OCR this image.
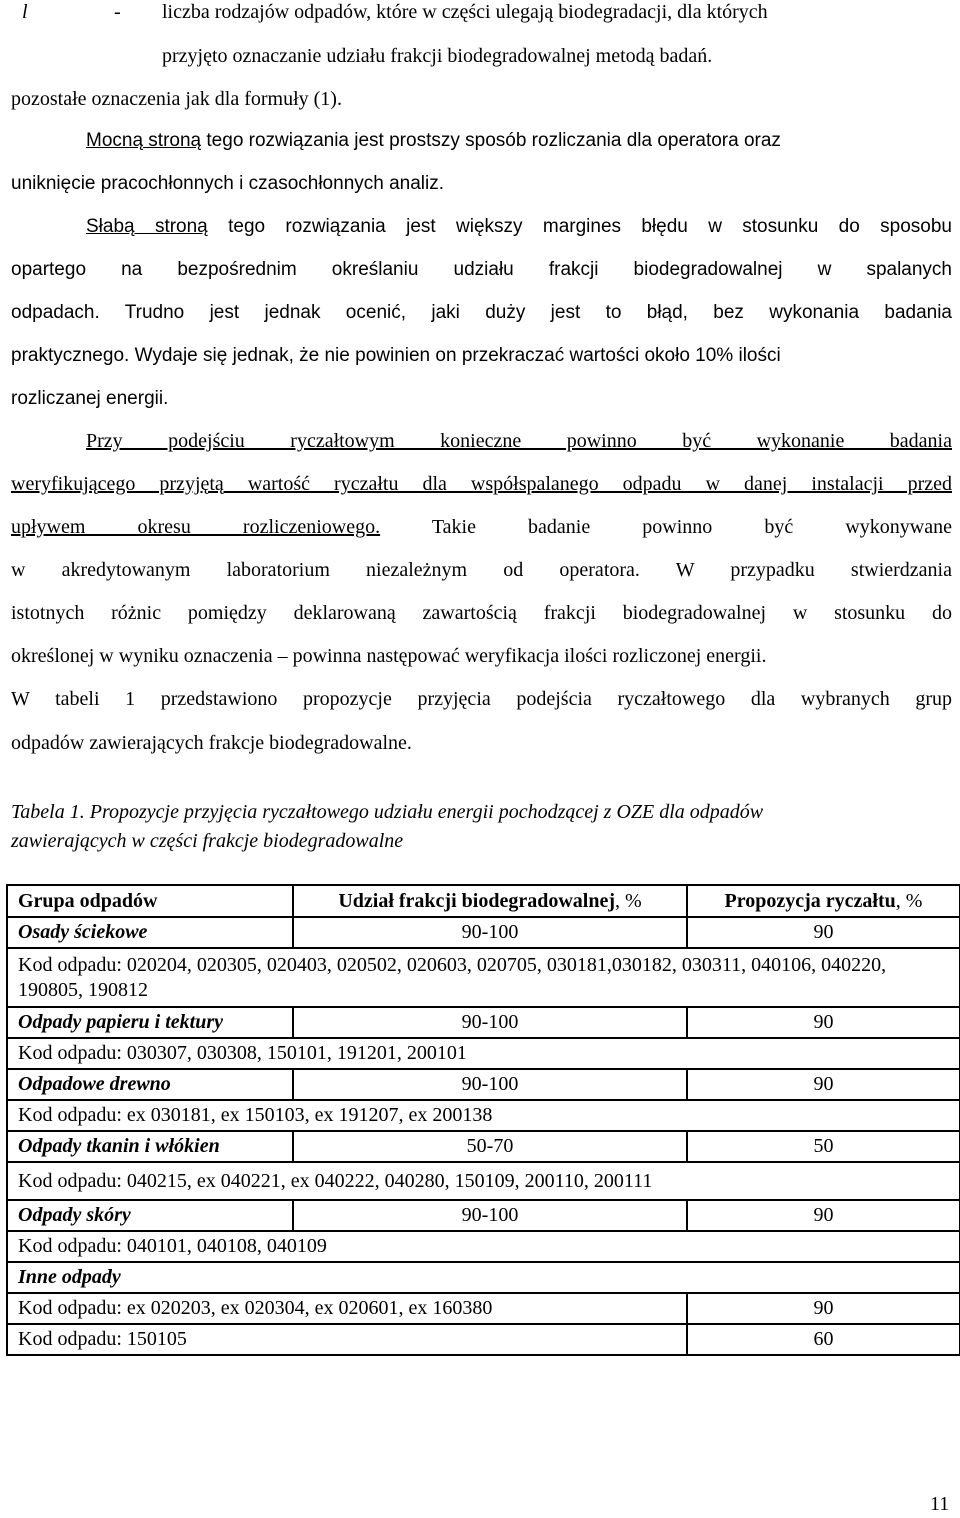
l	- liczba rodzajów odpadów, które w części ulegają biodegradacji, dla których
przyjęto oznaczanie udziału frakcji biodegradowalnej metodą badań.
pozostałe oznaczenia jak dla formuły (1).
Mocną stroną tego rozwiązania jest prostszy sposób rozliczania dla operatora oraz
uniknięcie pracochłonnych i czasochłonnych analiz.
Słabą stroną tego rozwiązania jest większy margines błędu w stosunku do sposobu
opartego na bezpośrednim określaniu udziału frakcji biodegradowalnej w spalanych
odpadach. Trudno jest jednak ocenić, jaki duży jest to błąd, bez wykonania badania
praktycznego. Wydaje się jednak, że nie powinien on przekraczać wartości około 10% ilości
rozliczanej energii.
Przy podejściu ryczałtowym konieczne powinno być wykonanie badania
weryfikującego przyjętą wartość ryczałtu dla współspalanego odpadu w danej instalacji przed
upływem okresu rozliczeniowego. Takie badanie powinno być wykonywane
w akredytowanym laboratorium niezależnym od operatora. W przypadku stwierdzania
istotnych różnic pomiędzy deklarowaną zawartością frakcji biodegradowalnej w stosunku do
określonej w wyniku oznaczenia – powinna następować weryfikacja ilości rozliczonej energii.
W tabeli 1 przedstawiono propozycje przyjęcia podejścia ryczałtowego dla wybranych grup
odpadów zawierających frakcje biodegradowalne.
Tabela 1. Propozycje przyjęcia ryczałtowego udziału energii pochodzącej z OZE dla odpadów
zawierających w części frakcje biodegradowalne
Grupa odpadów	Udział frakcji biodegradowalnej, %	Propozycja ryczałtu, %
Osady ściekowe	90-100	90
Kod odpadu: 020204, 020305, 020403, 020502, 020603, 020705, 030181,030182, 030311, 040106, 040220, 190805, 190812		
Odpady papieru i tektury	90-100	90
Kod odpadu: 030307, 030308, 150101, 191201, 200101		
Odpadowe drewno	90-100	90
Kod odpadu: ex 030181, ex 150103, ex 191207, ex 200138		
Odpady tkanin i włókien	50-70	50
Kod odpadu: 040215, ex 040221, ex 040222, 040280, 150109, 200110, 200111		
Odpady skóry	90-100	90
Kod odpadu: 040101, 040108, 040109		
Inne odpady		
Kod odpadu: ex 020203, ex 020304, ex 020601, ex 160380		90
Kod odpadu: 150105		60
11
